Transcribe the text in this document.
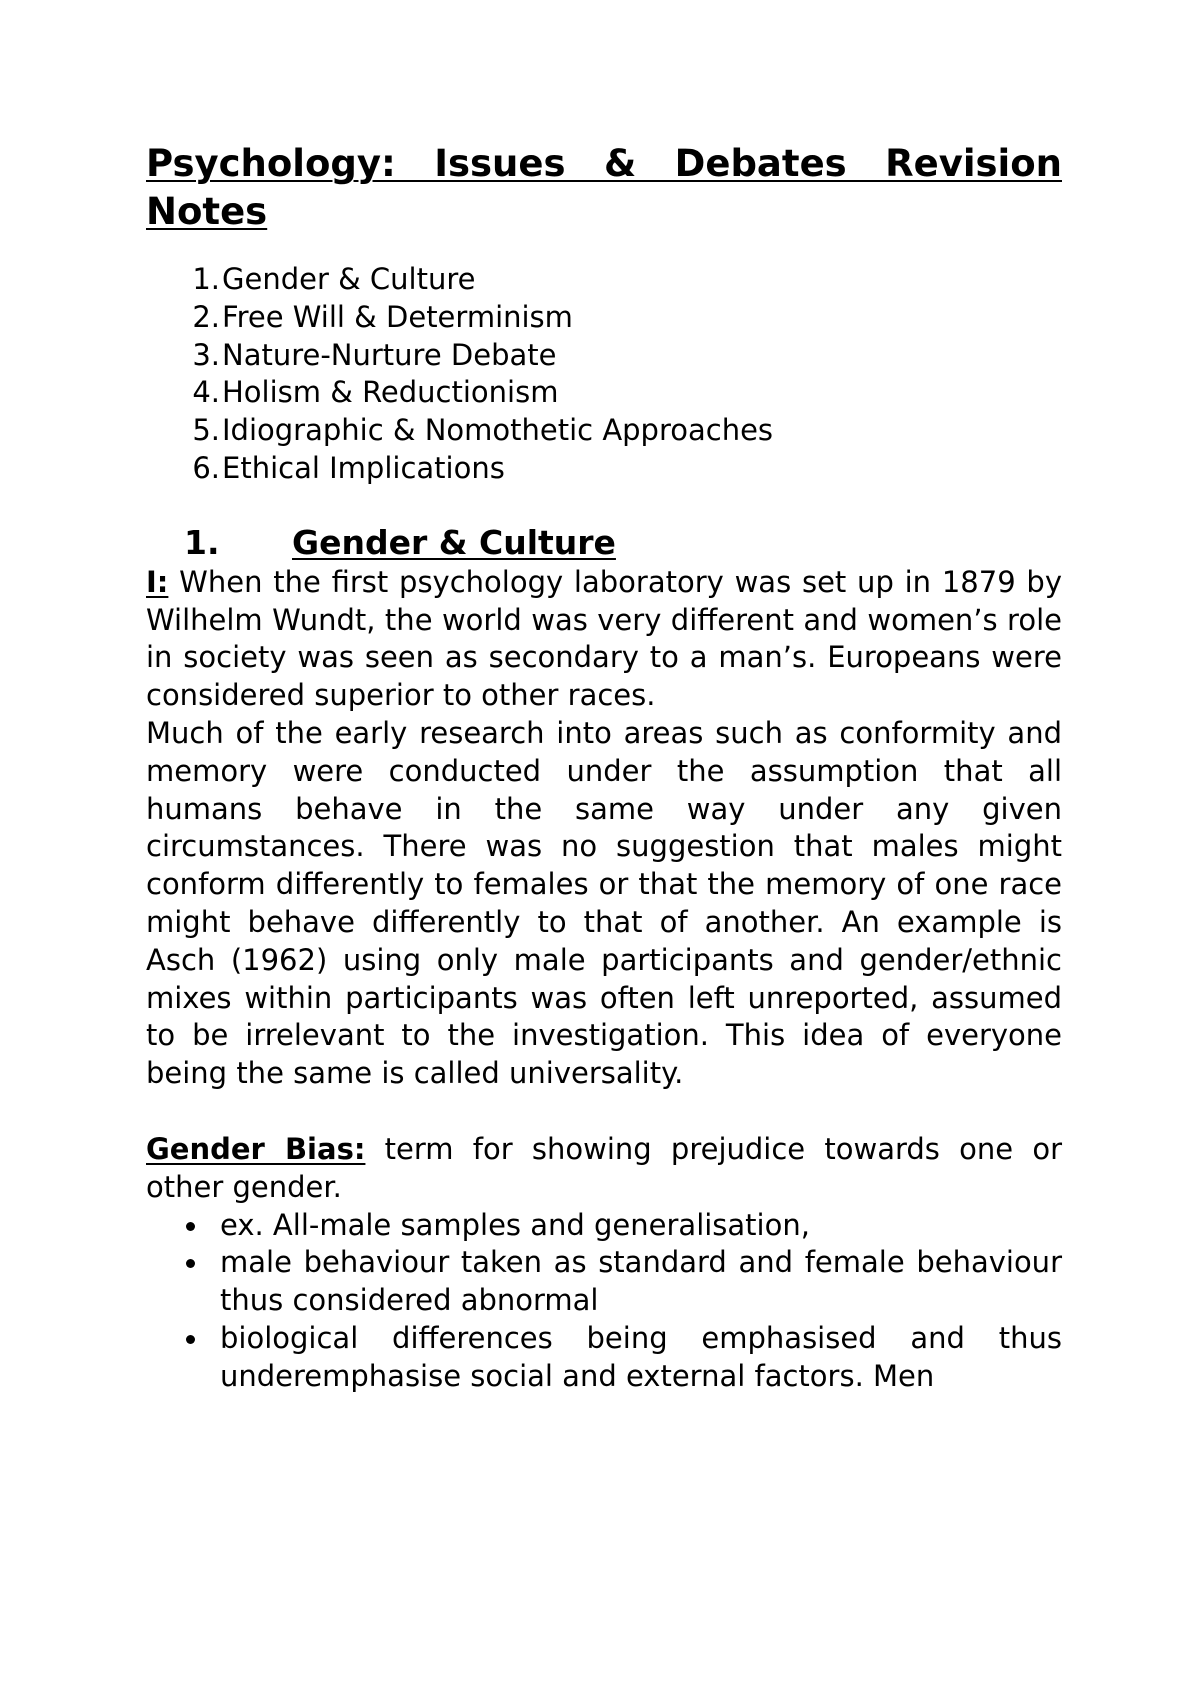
Psychology: Issues & Debates Revision Notes
1. Gender & Culture
2. Free Will & Determinism
3. Nature-Nurture Debate
4. Holism & Reductionism
5. Idiographic & Nomothetic Approaches
6. Ethical Implications
1.	Gender & Culture

I: When the first psychology laboratory was set up in 1879 by Wilhelm Wundt, the world was very different and women’s role in society was seen as secondary to a man’s. Europeans were considered superior to other races.

Much of the early research into areas such as conformity and memory were conducted under the assumption that all humans behave in the same way under any given circumstances. There was no suggestion that males might conform differently to females or that the memory of one race might behave differently to that of another. An example is Asch (1962) using only male participants and gender/ethnic mixes within participants was often left unreported, assumed to be irrelevant to the investigation. This idea of everyone being the same is called universality.

Gender Bias: term for showing prejudice towards one or other gender.

ex. All-male samples and generalisation,
male behaviour taken as standard and female behaviour thus considered abnormal
biological differences being emphasised and thus underemphasise social and external factors. Men
